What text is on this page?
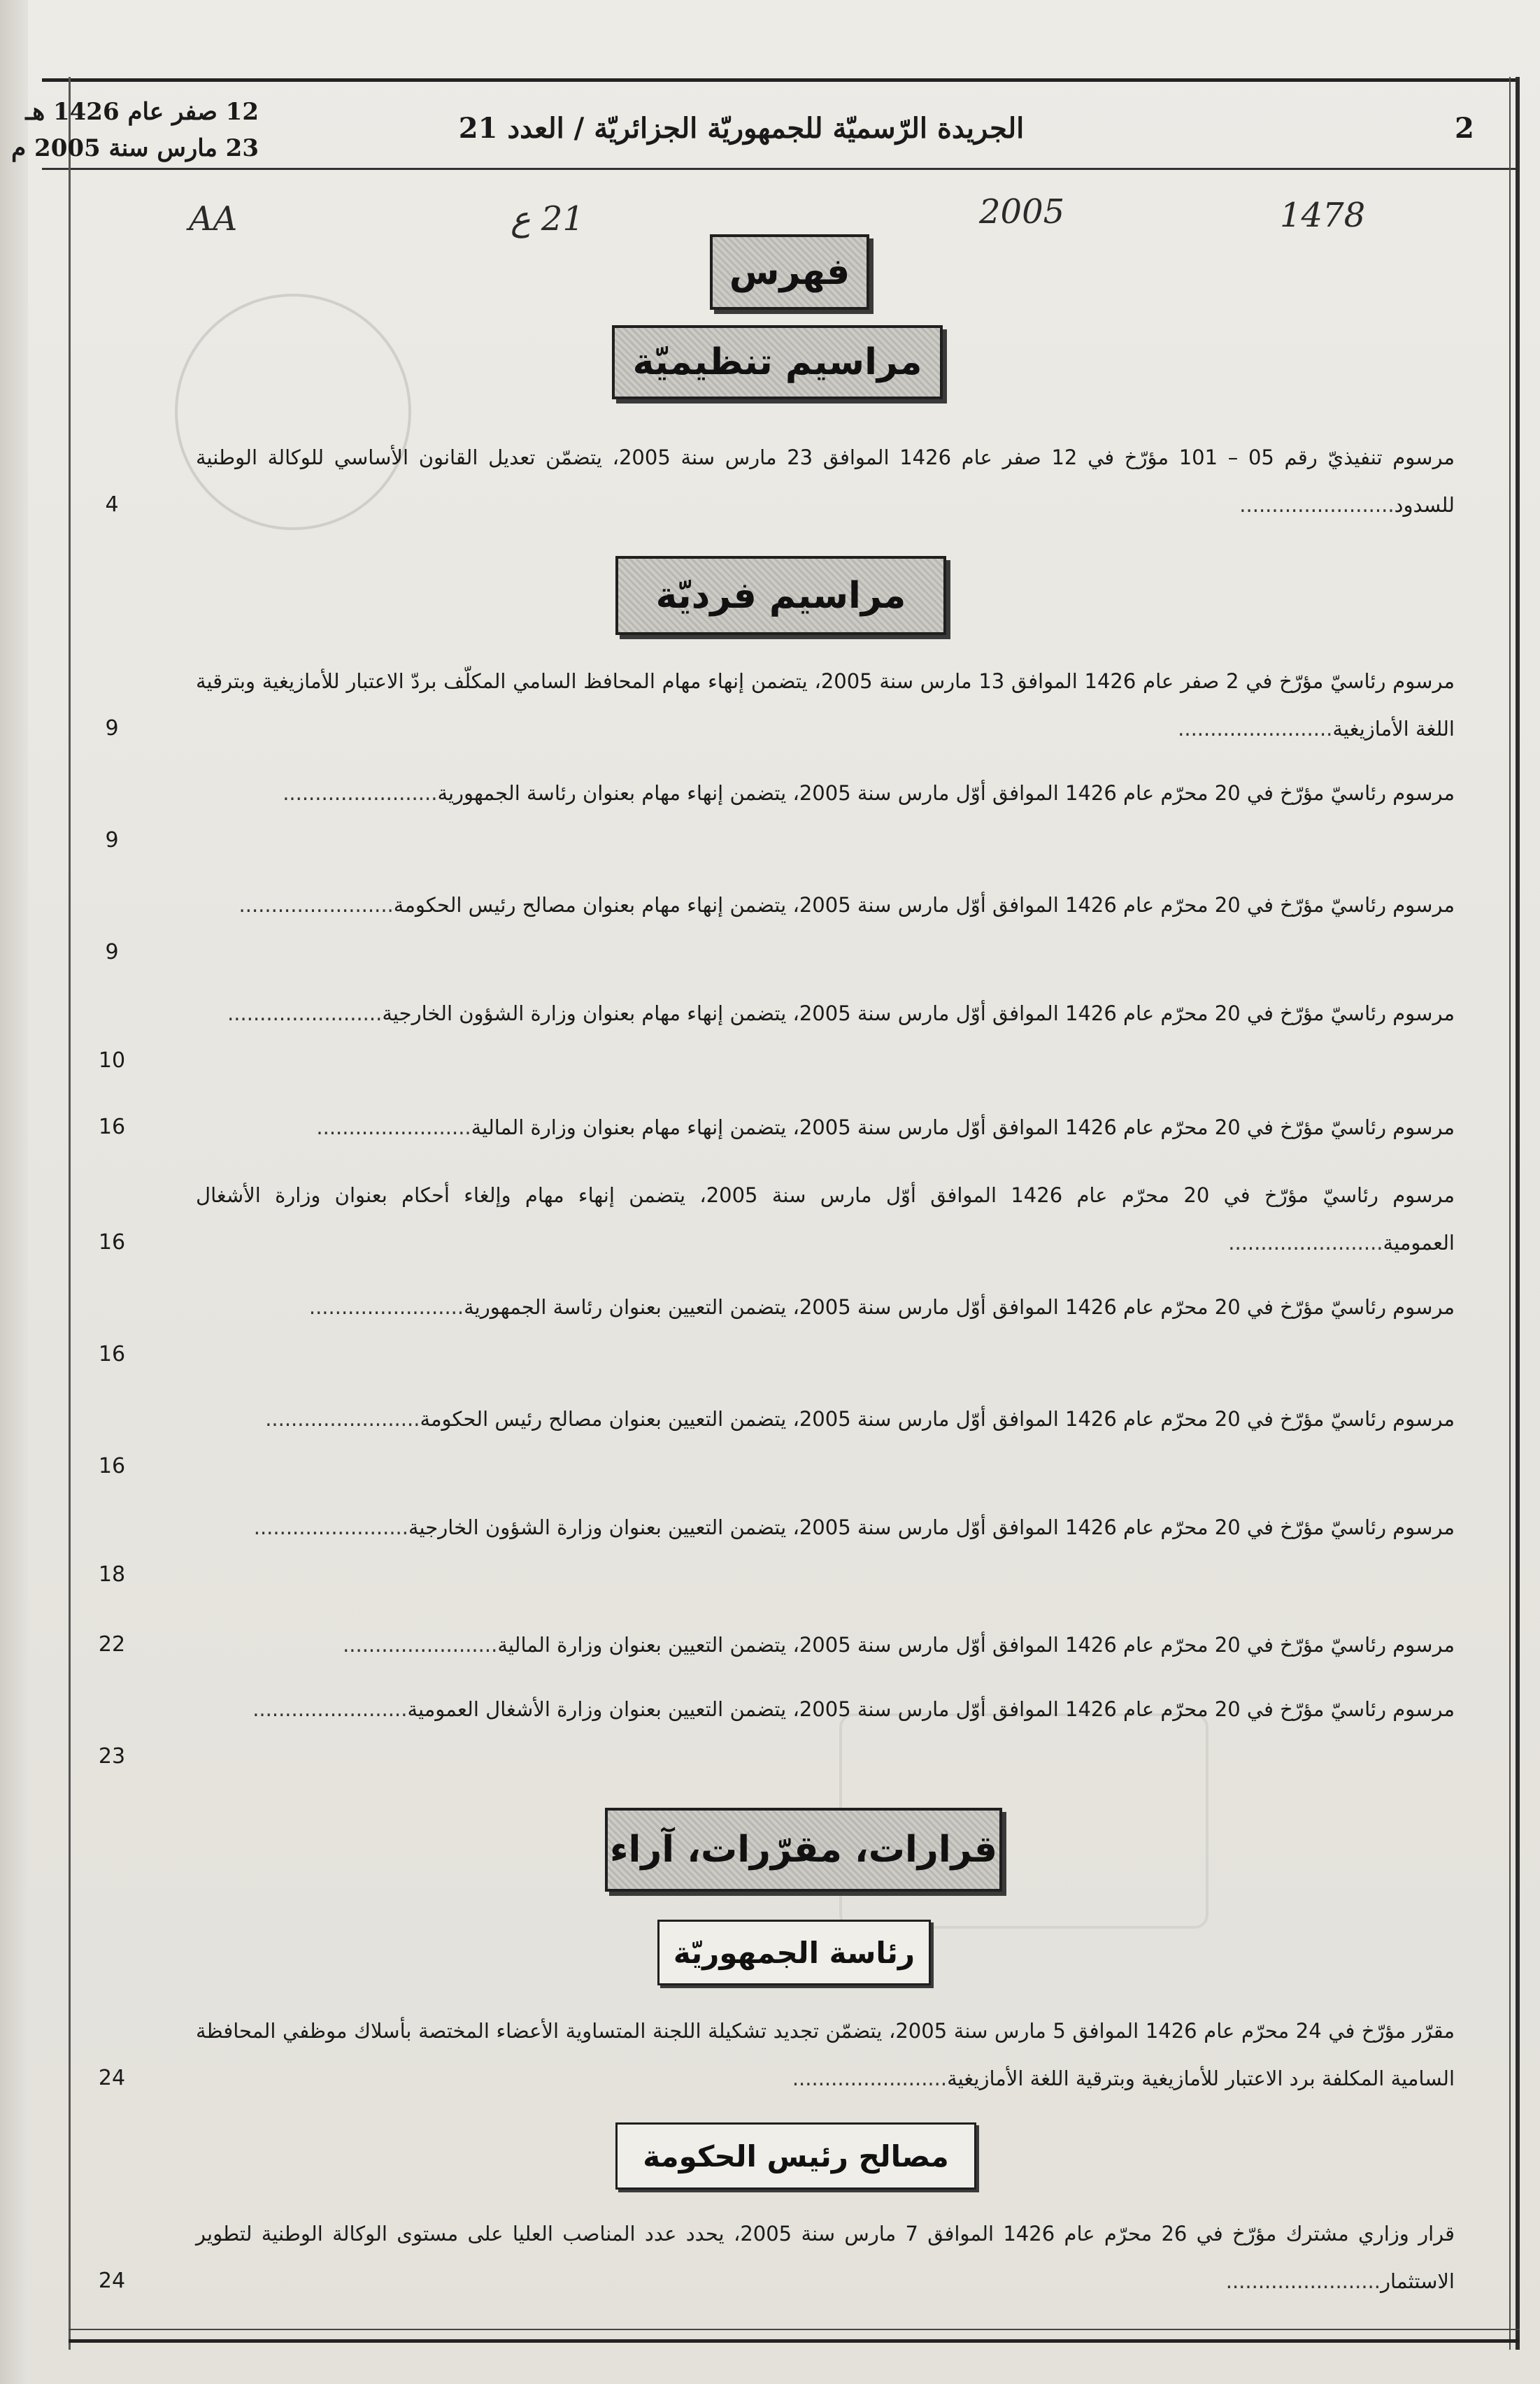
2
الجريدة الرّسميّة للجمهوريّة الجزائريّة / العدد 21
12 صفر عام 1426 هـ
23 مارس سنة 2005 م
AA	21 ع	2005	1478
فهرس
مراسيم تنظيميّة
مراسيم فرديّة
قرارات، مقرّرات، آراء
رئاسة الجمهوريّة
مصالح رئيس الحكومة
مرسوم تنفيذيّ رقم 05 – 101 مؤرّخ في 12 صفر عام 1426 الموافق 23 مارس سنة 2005، يتضمّن تعديل القانون الأساسي للوكالة الوطنية للسدود........................
4
مرسوم رئاسيّ مؤرّخ في 2 صفر عام 1426 الموافق 13 مارس سنة 2005، يتضمن إنهاء مهام المحافظ السامي المكلّف بردّ الاعتبار للأمازيغية وبترقية اللغة الأمازيغية........................
9
مرسوم رئاسيّ مؤرّخ في 20 محرّم عام 1426 الموافق أوّل مارس سنة 2005، يتضمن إنهاء مهام بعنوان رئاسة الجمهورية........................
9
مرسوم رئاسيّ مؤرّخ في 20 محرّم عام 1426 الموافق أوّل مارس سنة 2005، يتضمن إنهاء مهام بعنوان مصالح رئيس الحكومة........................
9
مرسوم رئاسيّ مؤرّخ في 20 محرّم عام 1426 الموافق أوّل مارس سنة 2005، يتضمن إنهاء مهام بعنوان وزارة الشؤون الخارجية........................
10
مرسوم رئاسيّ مؤرّخ في 20 محرّم عام 1426 الموافق أوّل مارس سنة 2005، يتضمن إنهاء مهام بعنوان وزارة المالية........................
16
مرسوم رئاسيّ مؤرّخ في 20 محرّم عام 1426 الموافق أوّل مارس سنة 2005، يتضمن إنهاء مهام وإلغاء أحكام بعنوان وزارة الأشغال العمومية........................
16
مرسوم رئاسيّ مؤرّخ في 20 محرّم عام 1426 الموافق أوّل مارس سنة 2005، يتضمن التعيين بعنوان رئاسة الجمهورية........................
16
مرسوم رئاسيّ مؤرّخ في 20 محرّم عام 1426 الموافق أوّل مارس سنة 2005، يتضمن التعيين بعنوان مصالح رئيس الحكومة........................
16
مرسوم رئاسيّ مؤرّخ في 20 محرّم عام 1426 الموافق أوّل مارس سنة 2005، يتضمن التعيين بعنوان وزارة الشؤون الخارجية........................
18
مرسوم رئاسيّ مؤرّخ في 20 محرّم عام 1426 الموافق أوّل مارس سنة 2005، يتضمن التعيين بعنوان وزارة المالية........................
22
مرسوم رئاسيّ مؤرّخ في 20 محرّم عام 1426 الموافق أوّل مارس سنة 2005، يتضمن التعيين بعنوان وزارة الأشغال العمومية........................
23
مقرّر مؤرّخ في 24 محرّم عام 1426 الموافق 5 مارس سنة 2005، يتضمّن تجديد تشكيلة اللجنة المتساوية الأعضاء المختصة بأسلاك موظفي المحافظة السامية المكلفة برد الاعتبار للأمازيغية وبترقية اللغة الأمازيغية........................
24
قرار وزاري مشترك مؤرّخ في 26 محرّم عام 1426 الموافق 7 مارس سنة 2005، يحدد عدد المناصب العليا على مستوى الوكالة الوطنية لتطوير الاستثمار........................
24
